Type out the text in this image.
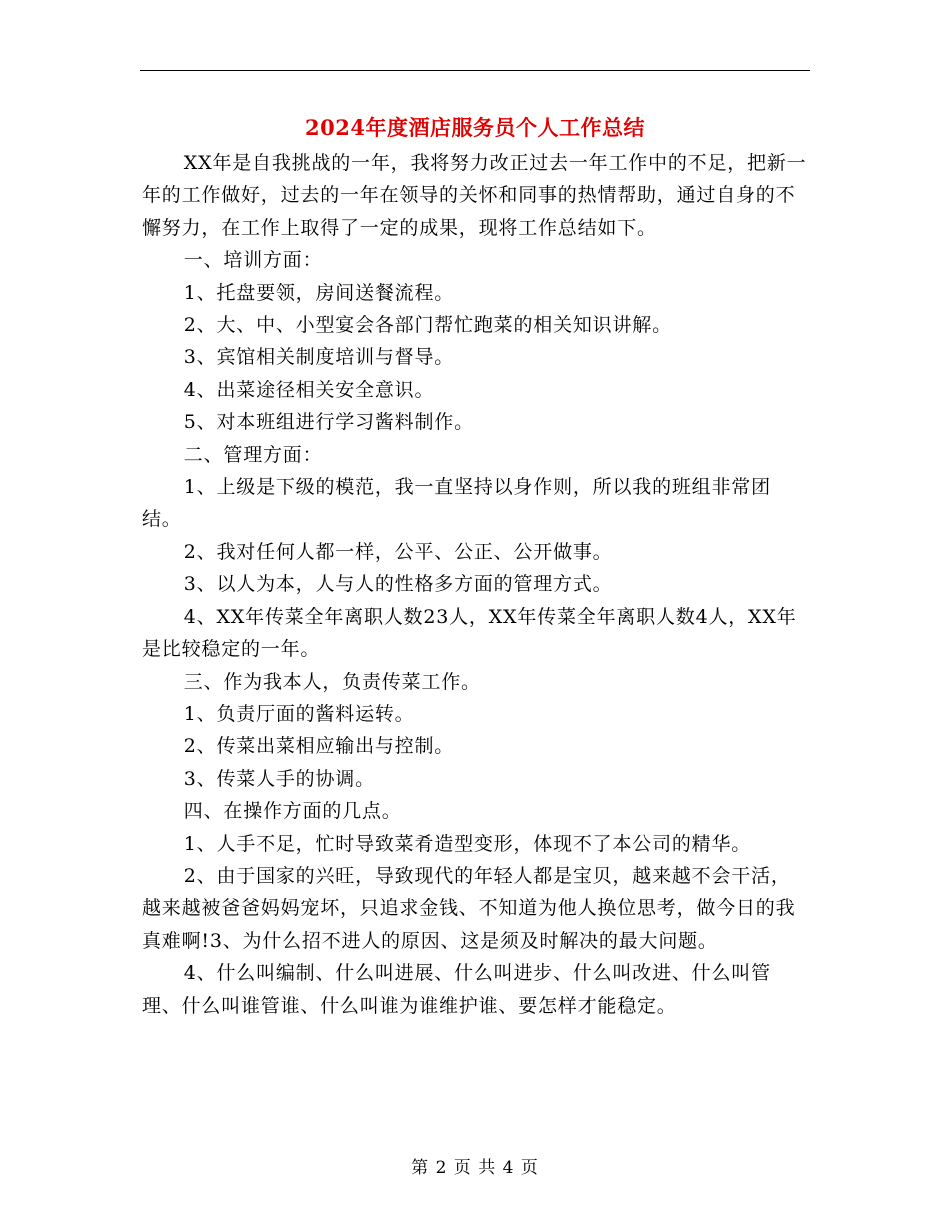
2024年度酒店服务员个人工作总结

XX年是自我挑战的一年，我将努力改正过去一年工作中的不足，把新一年的工作做好，过去的一年在领导的关怀和同事的热情帮助，通过自身的不懈努力，在工作上取得了一定的成果，现将工作总结如下。

一、培训方面：

1、托盘要领，房间送餐流程。

2、大、中、小型宴会各部门帮忙跑菜的相关知识讲解。

3、宾馆相关制度培训与督导。

4、出菜途径相关安全意识。

5、对本班组进行学习酱料制作。

二、管理方面：

1、上级是下级的模范，我一直坚持以身作则，所以我的班组非常团结。

2、我对任何人都一样，公平、公正、公开做事。

3、以人为本，人与人的性格多方面的管理方式。

4、XX年传菜全年离职人数23人，XX年传菜全年离职人数4人，XX年是比较稳定的一年。

三、作为我本人，负责传菜工作。

1、负责厅面的酱料运转。

2、传菜出菜相应输出与控制。

3、传菜人手的协调。

四、在操作方面的几点。

1、人手不足，忙时导致菜肴造型变形，体现不了本公司的精华。

2、由于国家的兴旺，导致现代的年轻人都是宝贝，越来越不会干活，越来越被爸爸妈妈宠坏，只追求金钱、不知道为他人换位思考，做今日的我真难啊!3、为什么招不进人的原因、这是须及时解决的最大问题。

4、什么叫编制、什么叫进展、什么叫进步、什么叫改进、什么叫管理、什么叫谁管谁、什么叫谁为谁维护谁、要怎样才能稳定。

第 2 页 共 4 页
